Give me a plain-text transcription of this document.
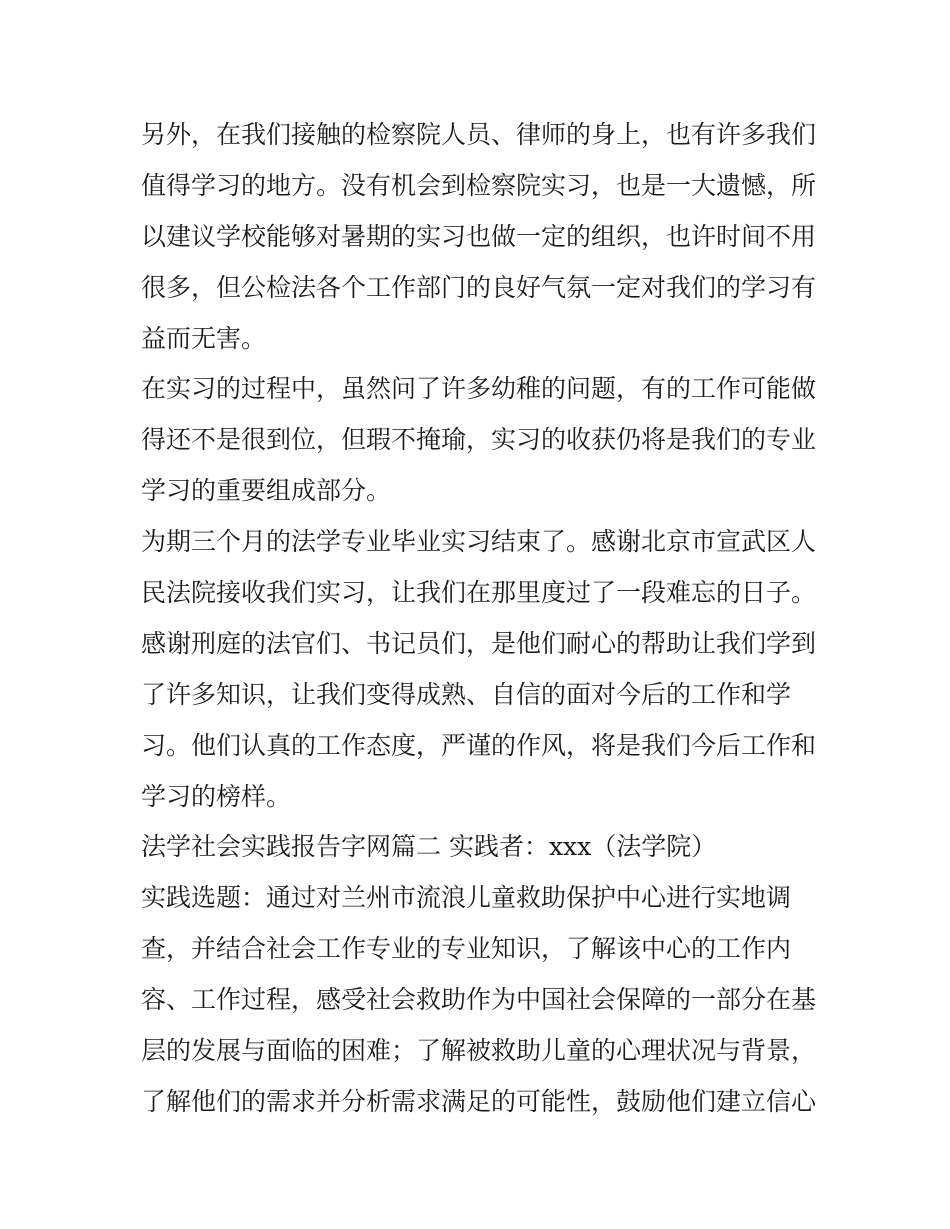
另外，在我们接触的检察院人员、律师的身上，也有许多我们
值得学习的地方。没有机会到检察院实习，也是一大遗憾，所
以建议学校能够对暑期的实习也做一定的组织，也许时间不用
很多，但公检法各个工作部门的良好气氛一定对我们的学习有
益而无害。
在实习的过程中，虽然问了许多幼稚的问题，有的工作可能做
得还不是很到位，但瑕不掩瑜，实习的收获仍将是我们的专业
学习的重要组成部分。
为期三个月的法学专业毕业实习结束了。感谢北京市宣武区人
民法院接收我们实习，让我们在那里度过了一段难忘的日子。
感谢刑庭的法官们、书记员们，是他们耐心的帮助让我们学到
了许多知识，让我们变得成熟、自信的面对今后的工作和学
习。他们认真的工作态度，严谨的作风，将是我们今后工作和
学习的榜样。
法学社会实践报告字网篇二 实践者：xxx（法学院）
实践选题：通过对兰州市流浪儿童救助保护中心进行实地调
查，并结合社会工作专业的专业知识，了解该中心的工作内
容、工作过程，感受社会救助作为中国社会保障的一部分在基
层的发展与面临的困难；了解被救助儿童的心理状况与背景，
了解他们的需求并分析需求满足的可能性，鼓励他们建立信心
